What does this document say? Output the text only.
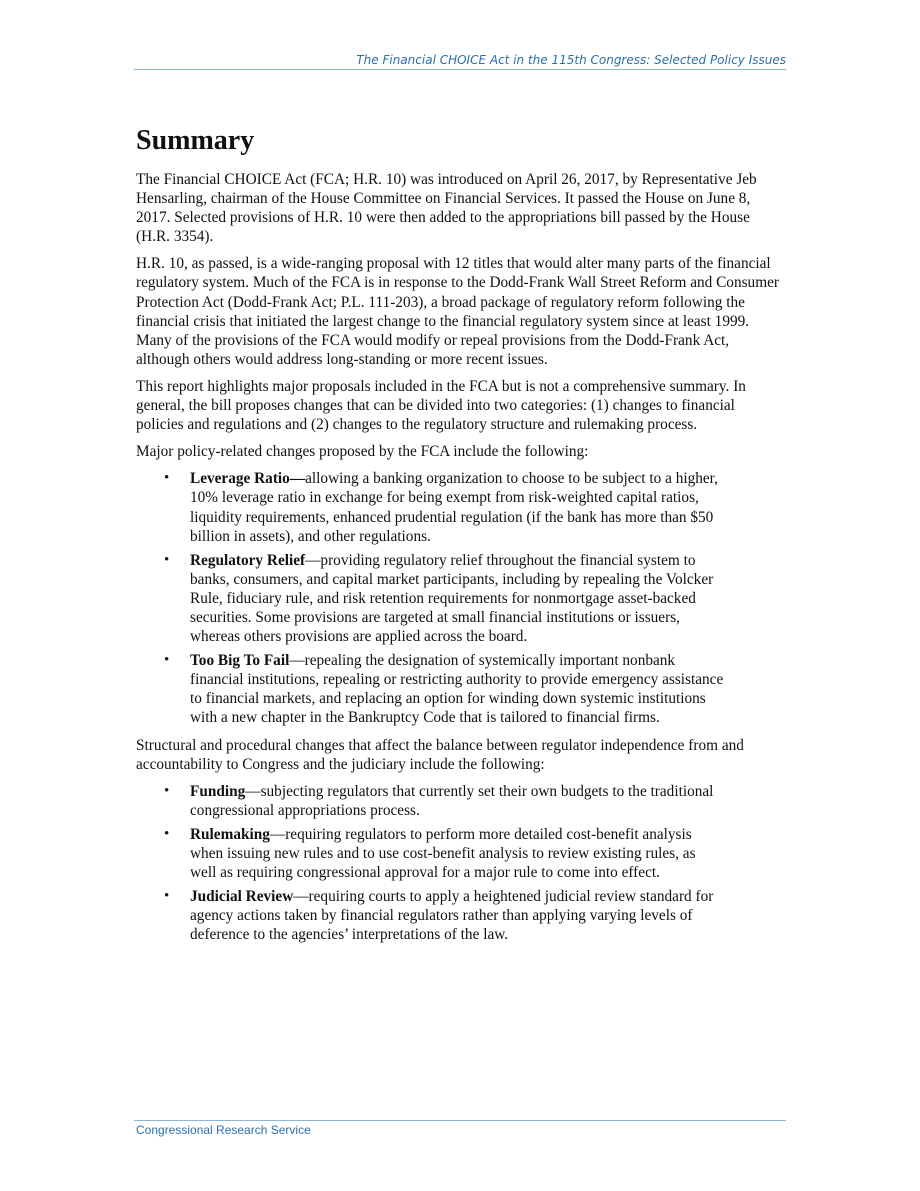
The Financial CHOICE Act in the 115th Congress: Selected Policy Issues
Summary

The Financial CHOICE Act (FCA; H.R. 10) was introduced on April 26, 2017, by Representative Jeb Hensarling, chairman of the House Committee on Financial Services. It passed the House on June 8, 2017. Selected provisions of H.R. 10 were then added to the appropriations bill passed by the House (H.R. 3354).

H.R. 10, as passed, is a wide-ranging proposal with 12 titles that would alter many parts of the financial regulatory system. Much of the FCA is in response to the Dodd-Frank Wall Street Reform and Consumer Protection Act (Dodd-Frank Act; P.L. 111-203), a broad package of regulatory reform following the financial crisis that initiated the largest change to the financial regulatory system since at least 1999. Many of the provisions of the FCA would modify or repeal provisions from the Dodd-Frank Act, although others would address long-standing or more recent issues.

This report highlights major proposals included in the FCA but is not a comprehensive summary. In general, the bill proposes changes that can be divided into two categories: (1) changes to financial policies and regulations and (2) changes to the regulatory structure and rulemaking process.

Major policy-related changes proposed by the FCA include the following:

• Leverage Ratio—allowing a banking organization to choose to be subject to a higher, 10% leverage ratio in exchange for being exempt from risk-weighted capital ratios, liquidity requirements, enhanced prudential regulation (if the bank has more than $50 billion in assets), and other regulations.
• Regulatory Relief—providing regulatory relief throughout the financial system to banks, consumers, and capital market participants, including by repealing the Volcker Rule, fiduciary rule, and risk retention requirements for nonmortgage asset-backed securities. Some provisions are targeted at small financial institutions or issuers, whereas others provisions are applied across the board.
• Too Big To Fail—repealing the designation of systemically important nonbank financial institutions, repealing or restricting authority to provide emergency assistance to financial markets, and replacing an option for winding down systemic institutions with a new chapter in the Bankruptcy Code that is tailored to financial firms.

Structural and procedural changes that affect the balance between regulator independence from and accountability to Congress and the judiciary include the following:

• Funding—subjecting regulators that currently set their own budgets to the traditional congressional appropriations process.
• Rulemaking—requiring regulators to perform more detailed cost-benefit analysis when issuing new rules and to use cost-benefit analysis to review existing rules, as well as requiring congressional approval for a major rule to come into effect.
• Judicial Review—requiring courts to apply a heightened judicial review standard for agency actions taken by financial regulators rather than applying varying levels of deference to the agencies’ interpretations of the law.
Congressional Research Service
